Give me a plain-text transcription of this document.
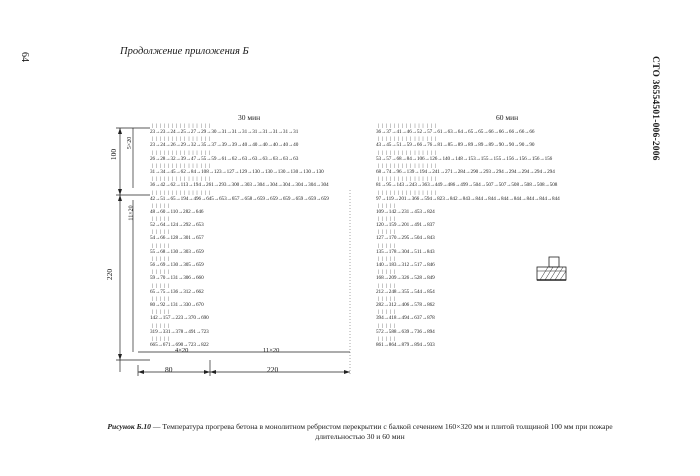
64	Продолжение приложения Б
СТО 36554501-006-2006
30 мин	60 мин
| | | | | | | | | | | | | | |
23→23→24→25→27→29→30→31→31→31→31→31→31→31→31
| | | | | | | | | | | | | | |
23→24→26→29→32→35→37→39→39→40→40→40→40→40→40
| | | | | | | | | | | | | | |
26→28→32→39→47→55→59→61→62→63→63→63→63→63→63
| | | | | | | | | | | | | | |
31→34→45→62→84→108→123→127→129→130→130→130→130→130→130
| | | | | | | | | | | | | | |
36→42→62→113→194→261→293→300→303→304→304→304→304→304→304
| | | | | | | | | | | | | | |
42→51→65→194→496→645→653→657→658→659→659→659→659→659→659
| | | | |
48→60→110→282→646
| | | | |
52→64→124→292→653
| | | | |
54→66→128→301→657
| | | | |
55→68→130→303→659
| | | | |
56→69→130→305→659
| | | | |
59→70→131→306→660
| | | | |
65→75→136→312→662
| | | | |
80→92→131→330→670
| | | | |
142→157→223→370→690
| | | | |
319→331→378→491→723
| | | | |
665→671→690→723→822
| | | | | | | | | | | | | | |
36→37→41→46→52→57→61→63→64→65→65→66→66→66→66→66
| | | | | | | | | | | | | | |
43→45→51→59→66→76→81→85→89→89→89→89→90→90→90→90
| | | | | | | | | | | | | | |
53→57→68→84→106→126→140→148→153→155→155→156→156→156→156
| | | | | | | | | | | | | | |
68→74→96→139→194→241→271→284→290→293→294→294→294→294→294
| | | | | | | | | | | | | | |
81→95→143→243→363→449→486→499→504→507→507→508→508→508→508
| | | | | | | | | | | | | | |
97→119→201→366→594→823→842→843→844→844→844→844→844→844→844
| | | | |
109→142→231→453→824
| | | | |
120→159→201→491→837
| | | | |
127→170→295→504→843
| | | | |
135→178→304→511→843
| | | | |
140→183→312→517→846
| | | | |
168→209→326→528→849
| | | | |
212→248→355→544→854
| | | | |
282→312→406→578→862
| | | | |
394→418→494→637→878
| | | | |
572→588→639→736→894
| | | | |
861→864→879→894→933
100
220
5×20
11×20
4×20	11×20
80	220
Рисунок Б.10 — Температура прогрева бетона в монолитном ребристом перекрытии с балкой сечением 160×320 мм и плитой толщиной 100 мм при пожаре длительностью 30 и 60 мин
